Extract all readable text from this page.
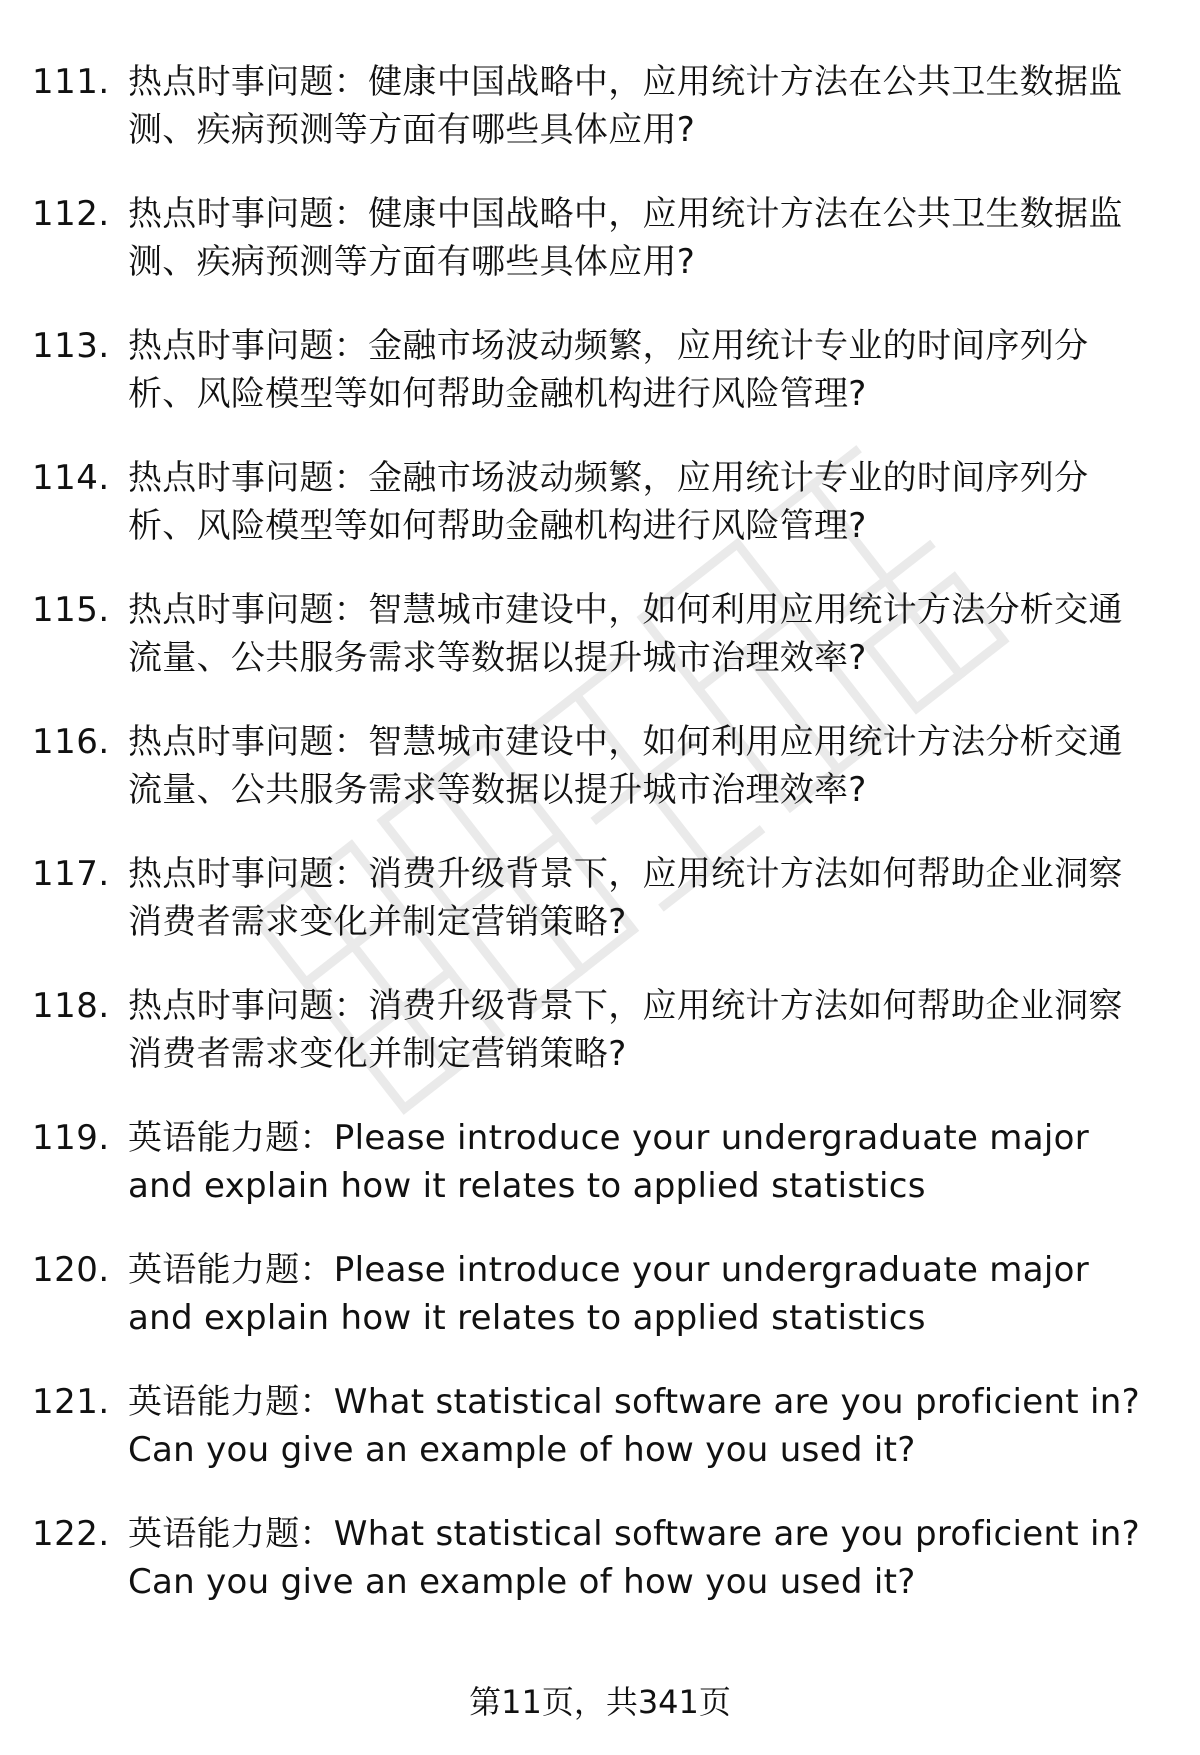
111. 热点时事问题：健康中国战略中，应用统计方法在公共卫生数据监测、疾病预测等方面有哪些具体应用?
112. 热点时事问题：健康中国战略中，应用统计方法在公共卫生数据监测、疾病预测等方面有哪些具体应用?
113. 热点时事问题：金融市场波动频繁，应用统计专业的时间序列分析、风险模型等如何帮助金融机构进行风险管理?
114. 热点时事问题：金融市场波动频繁，应用统计专业的时间序列分析、风险模型等如何帮助金融机构进行风险管理?
115. 热点时事问题：智慧城市建设中，如何利用应用统计方法分析交通流量、公共服务需求等数据以提升城市治理效率?
116. 热点时事问题：智慧城市建设中，如何利用应用统计方法分析交通流量、公共服务需求等数据以提升城市治理效率?
117. 热点时事问题：消费升级背景下，应用统计方法如何帮助企业洞察消费者需求变化并制定营销策略?
118. 热点时事问题：消费升级背景下，应用统计方法如何帮助企业洞察消费者需求变化并制定营销策略?
119. 英语能力题：Please introduce your undergraduate major and explain how it relates to applied statistics
120. 英语能力题：Please introduce your undergraduate major and explain how it relates to applied statistics
121. 英语能力题：What statistical software are you proficient in? Can you give an example of how you used it?
122. 英语能力题：What statistical software are you proficient in? Can you give an example of how you used it?
第11页，共341页
